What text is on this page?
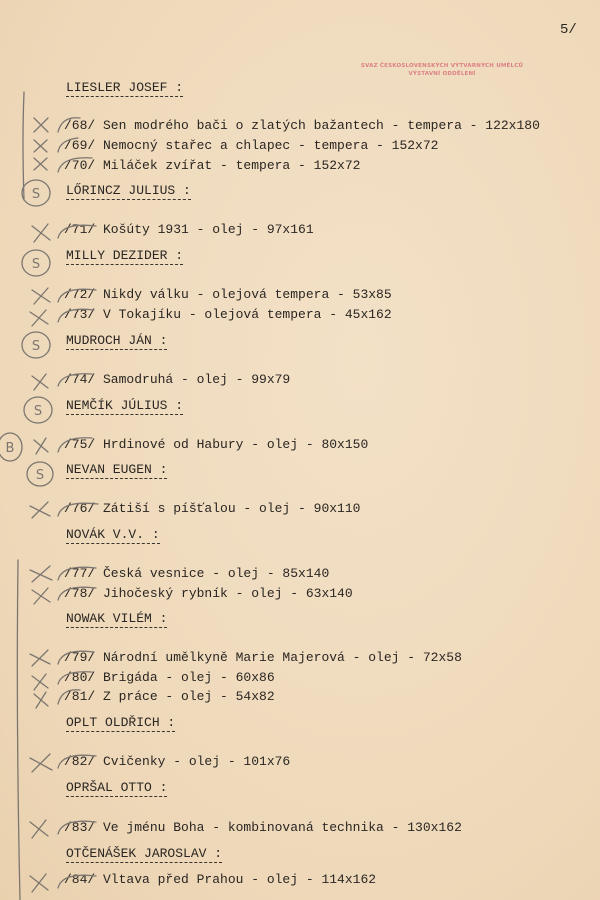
5/
SVAZ ČESKOSLOVENSKÝCH VÝTVARNÝCH UMĚLCŮ
VÝSTAVNÍ ODDĚLENÍ
LIESLER JOSEF :
/68/ Sen modrého bači o zlatých bažantech - tempera - 122x180
/69/ Nemocný stařec a chlapec - tempera - 152x72
/70/ Miláček zvířat - tempera - 152x72
LŐRINCZ JULIUS :
/71/ Košúty 1931 - olej - 97x161
MILLY DEZIDER :
/72/ Nikdy válku - olejová tempera - 53x85
/73/ V Tokajíku - olejová tempera - 45x162
MUDROCH JÁN :
/74/ Samodruhá - olej - 99x79
NEMČÍK JÚLIUS :
/75/ Hrdinové od Habury - olej - 80x150
NEVAN EUGEN :
/76/ Zátiší s píšťalou - olej - 90x110
NOVÁK V.V. :
/77/ Česká vesnice - olej - 85x140
/78/ Jihočeský rybník - olej - 63x140
NOWAK VILÉM :
/79/ Národní umělkyně Marie Majerová - olej - 72x58
/80/ Brigáda - olej - 60x86
/81/ Z práce - olej - 54x82
OPLT OLDŘICH :
/82/ Cvičenky - olej - 101x76
OPRŠAL OTTO :
/83/ Ve jménu Boha - kombinovaná technika - 130x162
OTČENÁŠEK JAROSLAV :
/84/ Vltava před Prahou - olej - 114x162
S
S
S
S
B
S
